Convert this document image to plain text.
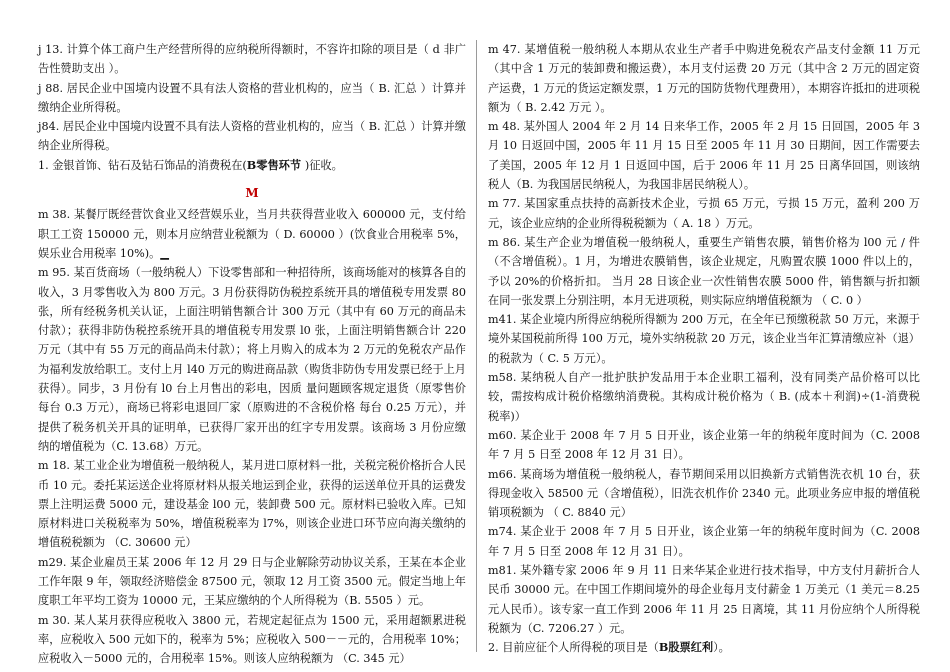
j 13. 计算个体工商户生产经营所得的应纳税所得额时，不容许扣除的项目是（ d 非广告性赞助支出 ）。

j 88. 居民企业中国境内设置不具有法人资格的营业机构的，应当（ B. 汇总 ）计算并缴纳企业所得税。

j84. 居民企业中国境内设置不具有法人资格的营业机构的，应当（ B. 汇总 ）计算并缴纳企业所得税。

1. 金银首饰、钻石及钻石饰品的消费税在(B零售环节 )征收。

M

m 38. 某餐厅既经营饮食业又经营娱乐业，当月共获得营业收入 600000 元，支付给职工工资 150000 元，则本月应纳营业税额为（ D. 60000 ）(饮食业合用税率 5%，娱乐业合用税率 10%)。▁

m 95. 某百货商场（一般纳税人）下设零售部和一种招待所，该商场能对的核算各自的收入，3 月零售收入为 800 万元。3 月份获得防伪税控系统开具的增值税专用发票 80 张，所有经税务机关认证，上面注明销售额合计 300 万元（其中有 60 万元的商品未付款）；获得非防伪税控系统开具的增值税专用发票 l0 张，上面注明销售额合计 220 万元（其中有 55 万元的商品尚未付款）；将上月购入的成本为 2 万元的免税农产品作为福利发放给职工。支付上月 l40 万元的购进商品款（购货非防伪专用发票已经于上月获得）。同步，3 月份有 l0 台上月售出的彩电，因质 量问题顾客规定退货（原零售价每台 0.3 万元），商场已将彩电退回厂家（原购进的不含税价格 每台 0.25 万元），并提供了税务机关开具的证明单，已获得厂家开出的红字专用发票。该商场 3 月份应缴纳的增值税为（C. 13.68）万元。

m 18. 某工业企业为增值税一般纳税人，某月进口原材料一批，关税完税价格折合人民币 10 元。委托某运送企业将原材料从报关地运到企业，获得的运送单位开具的运费发票上注明运费 5000 元，建设基金 l00 元，装卸费 500 元。原材料已验收入库。已知原材料进口关税税率为 50%，增值税税率为 l7%，则该企业进口环节应向海关缴纳的增值税税额为 （C. 30600 元）

m29. 某企业雇员王某 2006 年 12 月 29 日与企业解除劳动协议关系，王某在本企业工作年限 9 年，领取经济赔偿金 87500 元，领取 12 月工资 3500 元。假定当地上年度职工年平均工资为 10000 元，王某应缴纳的个人所得税为（B. 5505 ）元。

m 30. 某人某月获得应税收入 3800 元，若规定起征点为 1500 元，采用超额累进税率，应税收入 500 元如下的，税率为 5%；应税收入 500－－元的，合用税率 10%；应税收入－5000 元的，合用税率 15%。则该人应纳税额为 （C. 345 元）

m 47. 某增值税一般纳税人本期从农业生产者手中购进免税农产品支付金额 11 万元（其中含 1 万元的装卸费和搬运费），本月支付运费 20 万元（其中含 2 万元的固定资产运费，1 万元的货运定额发票，1 万元的国防货物代理费用），本期容许抵扣的进项税额为（ B. 2.42 万元 ）。

m 48. 某外国人 2004 年 2 月 14 日来华工作，2005 年 2 月 15 日回国，2005 年 3 月 10 日返回中国，2005 年 11 月 15 日至 2005 年 11 月 30 日期间，因工作需要去了美国，2005 年 12 月 1 日返回中国，后于 2006 年 11 月 25 日离华回国，则该纳税人（B. 为我国居民纳税人，为我国非居民纳税人）。

m 77. 某国家重点扶持的高新技术企业，亏损 65 万元，亏损 15 万元，盈利 200 万元，该企业应纳的企业所得税税额为（ A. 18 ）万元。

m 86. 某生产企业为增值税一般纳税人，重要生产销售农膜，销售价格为 l00 元 / 件（不含增值税）。1 月，为增进农膜销售，该企业规定，凡购置农膜 1000 件以上的，予以 20%的价格折扣。 当月 28 日该企业一次性销售农膜 5000 件，销售额与折扣额在同一张发票上分别注明，本月无进项税，则实际应纳增值税额为 （ C. 0 ）

m41. 某企业境内所得应纳税所得额为 200 万元，在全年已预缴税款 50 万元，来源于境外某国税前所得 100 万元，境外实纳税款 20 万元，该企业当年汇算清缴应补（退）的税款为（ C. 5 万元）。

m58. 某纳税人自产一批护肤护发品用于本企业职工福利，没有同类产品价格可以比较，需按构成计税价格缴纳消费税。其构成计税价格为（ B. (成本＋利润)÷(1-消费税税率)）

m60. 某企业于 2008 年 7 月 5 日开业，该企业第一年的纳税年度时间为（C. 2008 年 7 月 5 日至 2008 年 12 月 31 日）。

m66. 某商场为增值税一般纳税人，春节期间采用以旧换新方式销售洗衣机 10 台，获得现金收入 58500 元（含增值税），旧洗衣机作价 2340 元。此项业务应申报的增值税销项税额为 （ C. 8840 元）

m74. 某企业于 2008 年 7 月 5 日开业，该企业第一年的纳税年度时间为（C. 2008 年 7 月 5 日至 2008 年 12 月 31 日）。

m81. 某外籍专家 2006 年 9 月 11 日来华某企业进行技术指导，中方支付月薪折合人民币 30000 元。在中国工作期间境外的母企业每月支付薪金 1 万美元（1 美元＝8.25 元人民币）。该专家一直工作到 2006 年 11 月 25 日离境，其 11 月份应纳个人所得税税额为（C. 7206.27 ）元。

2. 目前应征个人所得税的项目是（B股票红利）。
